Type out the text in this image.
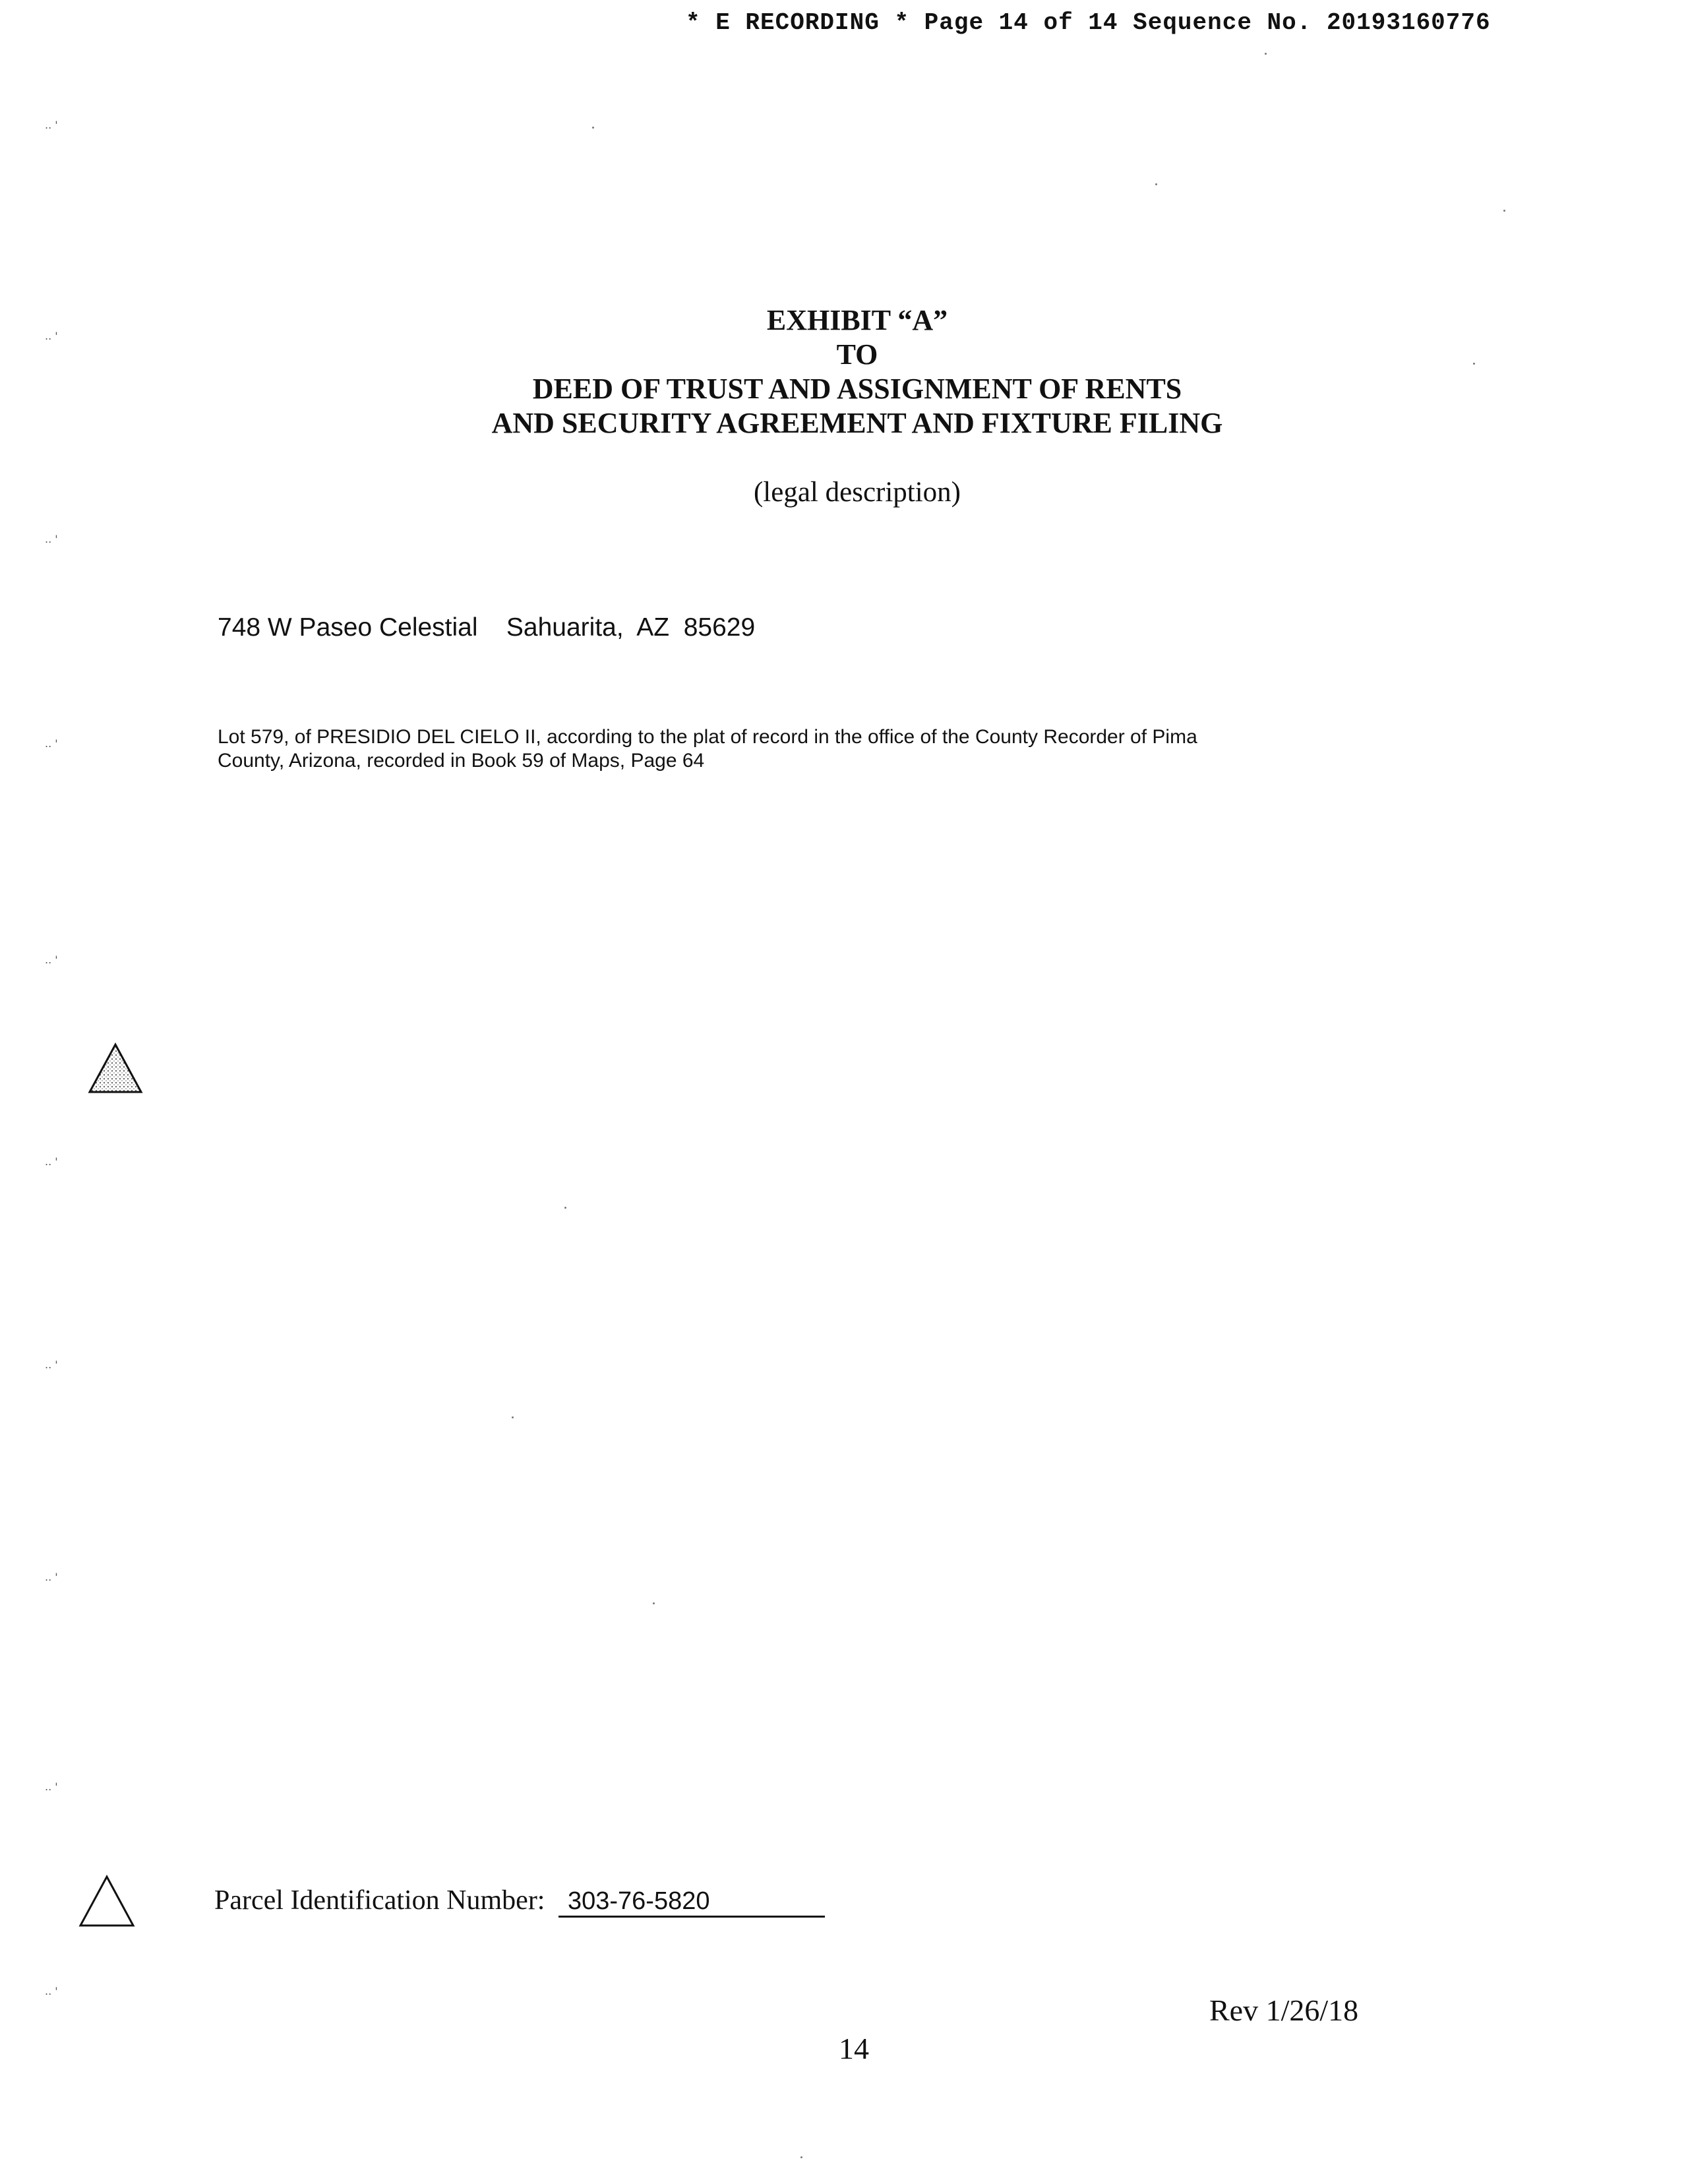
* E RECORDING * Page 14 of 14 Sequence No. 20193160776
EXHIBIT “A”
TO
DEED OF TRUST AND ASSIGNMENT OF RENTS
AND SECURITY AGREEMENT AND FIXTURE FILING
(legal description)
748 W Paseo Celestial Sahuarita,  AZ 85629
Lot 579, of PRESIDIO DEL CIELO II, according to the plat of record in the office of the County Recorder of Pima
County, Arizona, recorded in Book 59 of Maps, Page 64
Parcel Identification Number: 303-76-5820
Rev 1/26/18
14
.. '
.. '
.. '
.. '
.. '
.. '
.. '
.. '
.. '
.. '
